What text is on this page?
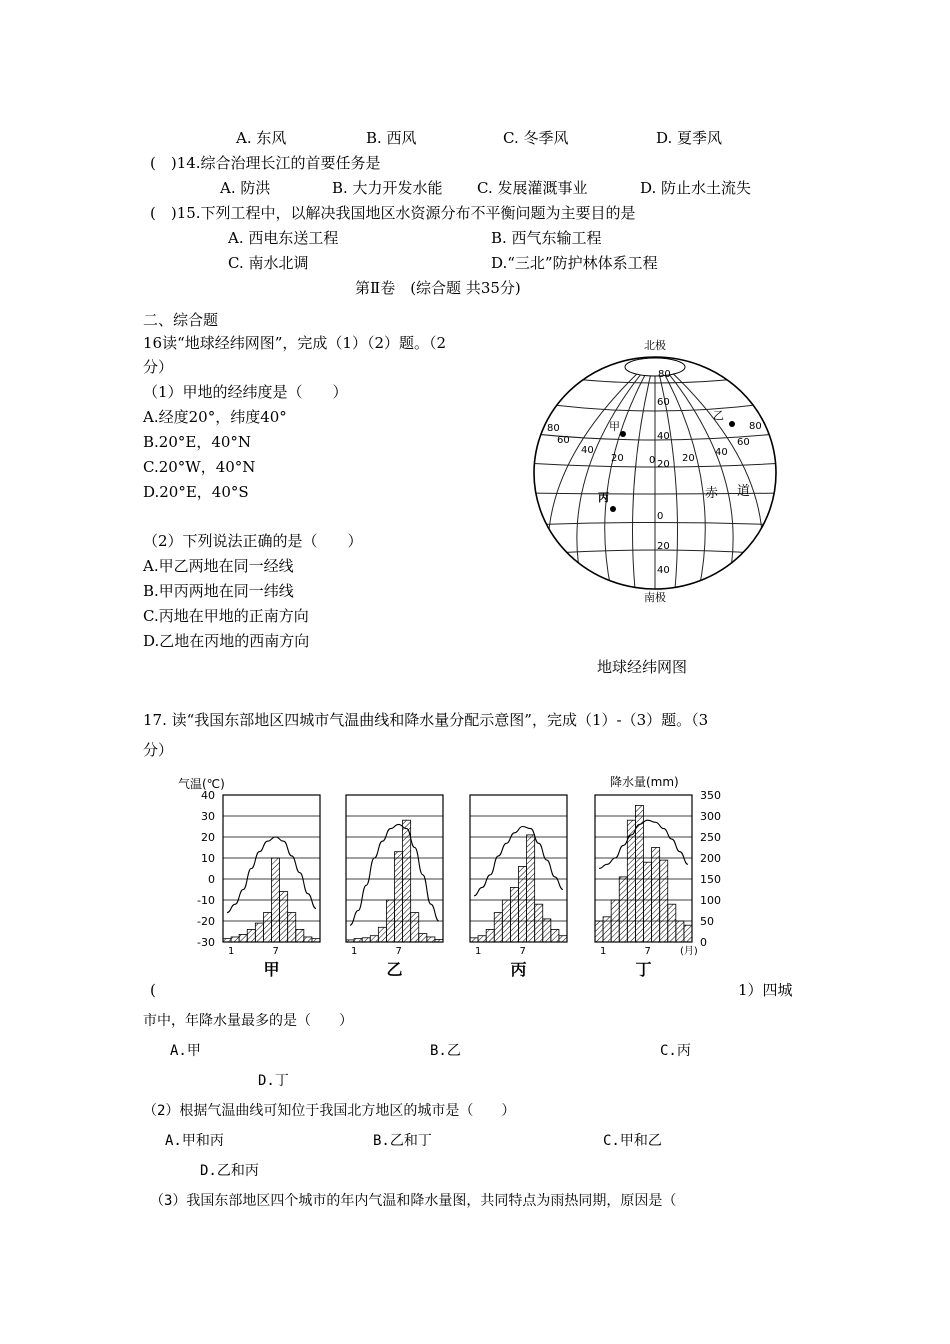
A. 东风	B. 西风	C. 冬季风	D. 夏季风
(　)14.综合治理长江的首要任务是
A. 防洪	B. 大力开发水能 C. 发展灌溉事业	D. 防止水土流失
(　)15.下列工程中，以解决我国地区水资源分布不平衡问题为主要目的是
A. 西电东送工程	B. 西气东输工程
C. 南水北调	D.“三北”防护林体系工程
第Ⅱ卷　(综合题 共35分)
二、综合题
16读“地球经纬网图”，完成（1）（2）题。（2
分）
（1）甲地的经纬度是（　　）
A.经度20°，纬度40°
B.20°E，40°N
C.20°W，40°N
D.20°E，40°S
（2）下列说法正确的是（　　）
A.甲乙两地在同一经线
B.甲丙两地在同一纬线
C.丙地在甲地的正南方向
D.乙地在丙地的西南方向
北极
南极
80
60
40
20
0
20
40
80
60
40
20	0	20
40
60
80
甲
乙
丙	赤 道
地球经纬网图
17. 读“我国东部地区四城市气温曲线和降水量分配示意图”，完成（1）-（3）题。（3
分）
气温(℃)	降水量(mm)
40
30
20
10
0
-10
-20
-30
350
300
250
200
150
100
50
0
1	7
甲
1	7
乙
1	7
丙
1	7
丁
(月)
(	1）四城
市中，年降水量最多的是（　　）
A.甲	B.乙	C.丙
D.丁
（2）根据气温曲线可知位于我国北方地区的城市是（　　）
A.甲和丙	B.乙和丁	C.甲和乙
D.乙和丙
（3）我国东部地区四个城市的年内气温和降水量图，共同特点为雨热同期，原因是（
